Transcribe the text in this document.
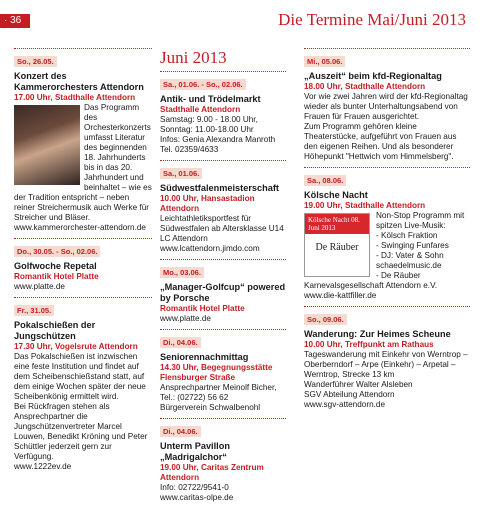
· 36	Die Termine Mai/Juni 2013
So., 26.05.
Konzert des Kammerorchesters Attendorn
17.00 Uhr, Stadthalle Attendorn
Das Programm des Orchesterkonzerts umfasst Literatur des beginnenden 18. Jahrhunderts bis in das 20. Jahrhundert und beinhaltet – wie es der Tradition entspricht – neben reiner Streichermusik auch Werke für Streicher und Bläser.
www.kammerorchester-attendorn.de
Do., 30.05. - So., 02.06.
Golfwoche Repetal
Romantik Hotel Platte
www.platte.de
Fr., 31.05.
Pokalschießen der Jungschützen
17.30 Uhr, Vogelsrute Attendorn
Das Pokalschießen ist inzwischen eine feste Institution und findet auf dem Scheibenschießstand statt, auf dem einige Wochen später der neue Scheibenkönig ermittelt wird.
Bei Rückfragen stehen als Ansprechpartner die Jungschützenvertreter Marcel Louwen, Benedikt Kröning und Peter Schüttler jederzeit gern zur Verfügung.
www.1222ev.de
Juni 2013
Sa., 01.06. - So., 02.06.
Antik- und Trödelmarkt
Stadthalle Attendorn
Samstag: 9.00 - 18.00 Uhr,
Sonntag: 11.00-18.00 Uhr
Infos: Genia Alexandra Manroth
Tel. 02359/4633
Sa., 01.06.
Südwestfalenmeisterschaft
10.00 Uhr, Hansastadion Attendorn
Leichtathletiksportfest für Südwestfalen ab Altersklasse U14
LC Attendorn
www.lcattendorn.jimdo.com
Mo., 03.06.
„Manager-Golfcup“ powered by Porsche
Romantik Hotel Platte
www.platte.de
Di., 04.06.
Seniorennachmittag
14.30 Uhr, Begegnungsstätte Flensburger Straße
Ansprechpartner Meinolf Bicher, Tel.: (02722) 56 62
Bürgerverein Schwalbenohl
Di., 04.06.
Unterm Pavillon „Madrigalchor“
19.00 Uhr, Caritas Zentrum Attendorn
Info: 02722/9541-0
www.caritas-olpe.de
Mi., 05.06.
„Auszeit“ beim kfd-Regionaltag
18.00 Uhr, Stadthalle Attendorn
Vor wie zwei Jahren wird der kfd-Regionaltag wieder als bunter Unterhaltungsabend von Frauen für Frauen ausgerichtet.
Zum Programm gehören kleine Theaterstücke, aufgeführt von Frauen aus den eigenen Reihen. Und als besonderer Höhepunkt "Hettwich vom Himmelsberg".
Sa., 08.06.
Kölsche Nacht
19.00 Uhr, Stadthalle Attendorn
Kölsche Nacht 08. Juni 2013
De Räuber
Non-Stop Programm mit spitzen Live-Musik:
- Kölsch Fraktion
- Swinging Funfares
- DJ: Vater & Sohn schaedelmusic.de
- De Räuber
Karnevalsgesellschaft Attendorn e.V.
www.die-kattfiller.de
So., 09.06.
Wanderung: Zur Heimes Scheune
10.00 Uhr, Treffpunkt am Rathaus
Tageswanderung mit Einkehr von Werntrop – Oberberndorf – Arpe (Einkehr) – Arpetal – Werntrop, Strecke 13 km
Wanderführer Walter Alsleben
SGV Abteilung Attendorn
www.sgv-attendorn.de
